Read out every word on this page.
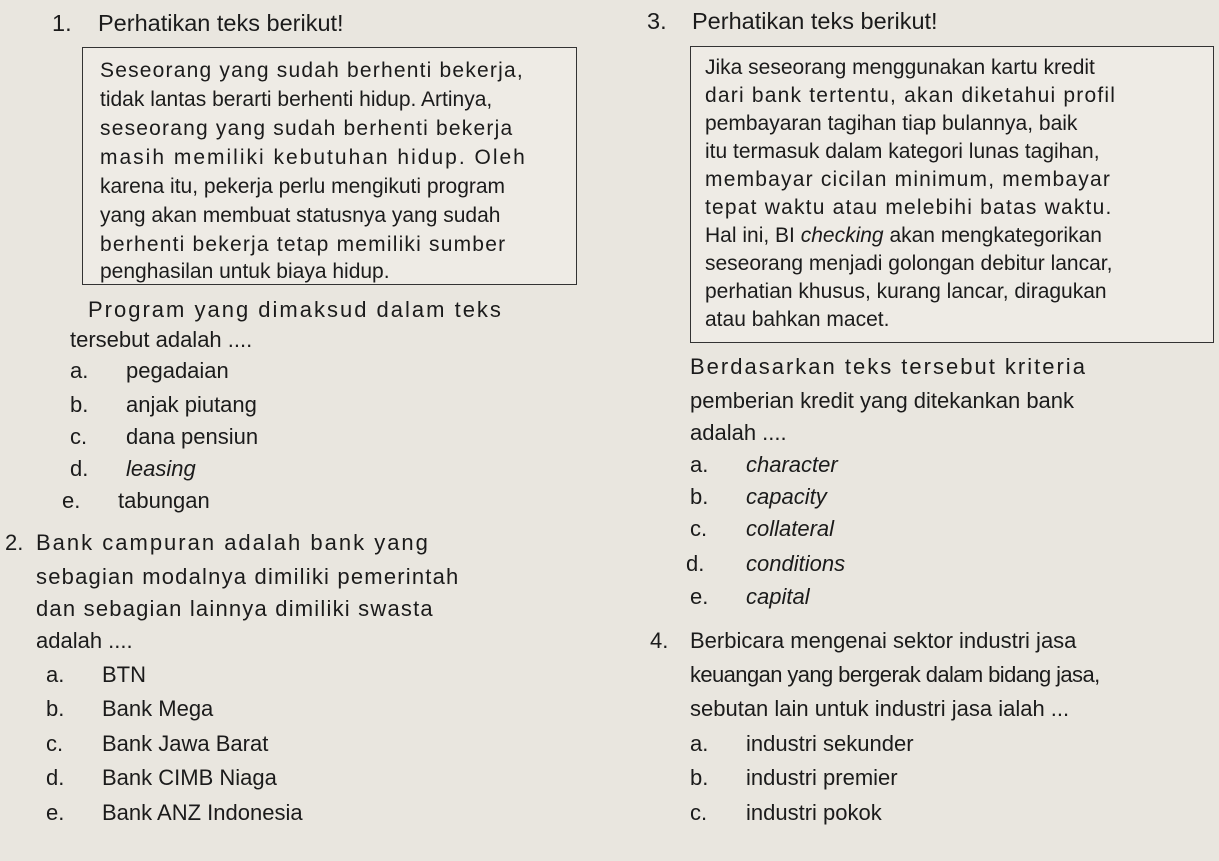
1. Perhatikan teks berikut!
Seseorang yang sudah berhenti bekerja,
tidak lantas berarti berhenti hidup. Artinya,
seseorang yang sudah berhenti bekerja
masih memiliki kebutuhan hidup. Oleh
karena itu, pekerja perlu mengikuti program
yang akan membuat statusnya yang sudah
berhenti bekerja tetap memiliki sumber
penghasilan untuk biaya hidup.
Program yang dimaksud dalam teks
tersebut adalah ....
a. pegadaian
b. anjak piutang
c. dana pensiun
d. leasing
e. tabungan
2. Bank campuran adalah bank yang
sebagian modalnya dimiliki pemerintah
dan sebagian lainnya dimiliki swasta
adalah ....
a. BTN
b. Bank Mega
c. Bank Jawa Barat
d. Bank CIMB Niaga
e. Bank ANZ Indonesia
3. Perhatikan teks berikut!
Jika seseorang menggunakan kartu kredit
dari bank tertentu, akan diketahui profil
pembayaran tagihan tiap bulannya, baik
itu termasuk dalam kategori lunas tagihan,
membayar cicilan minimum, membayar
tepat waktu atau melebihi batas waktu.
Hal ini, BI checking akan mengkategorikan
seseorang menjadi golongan debitur lancar,
perhatian khusus, kurang lancar, diragukan
atau bahkan macet.
Berdasarkan teks tersebut kriteria
pemberian kredit yang ditekankan bank
adalah ....
a. character
b. capacity
c. collateral
d. conditions
e. capital
4. Berbicara mengenai sektor industri jasa
keuangan yang bergerak dalam bidang jasa,
sebutan lain untuk industri jasa ialah ...
a. industri sekunder
b. industri premier
c. industri pokok
